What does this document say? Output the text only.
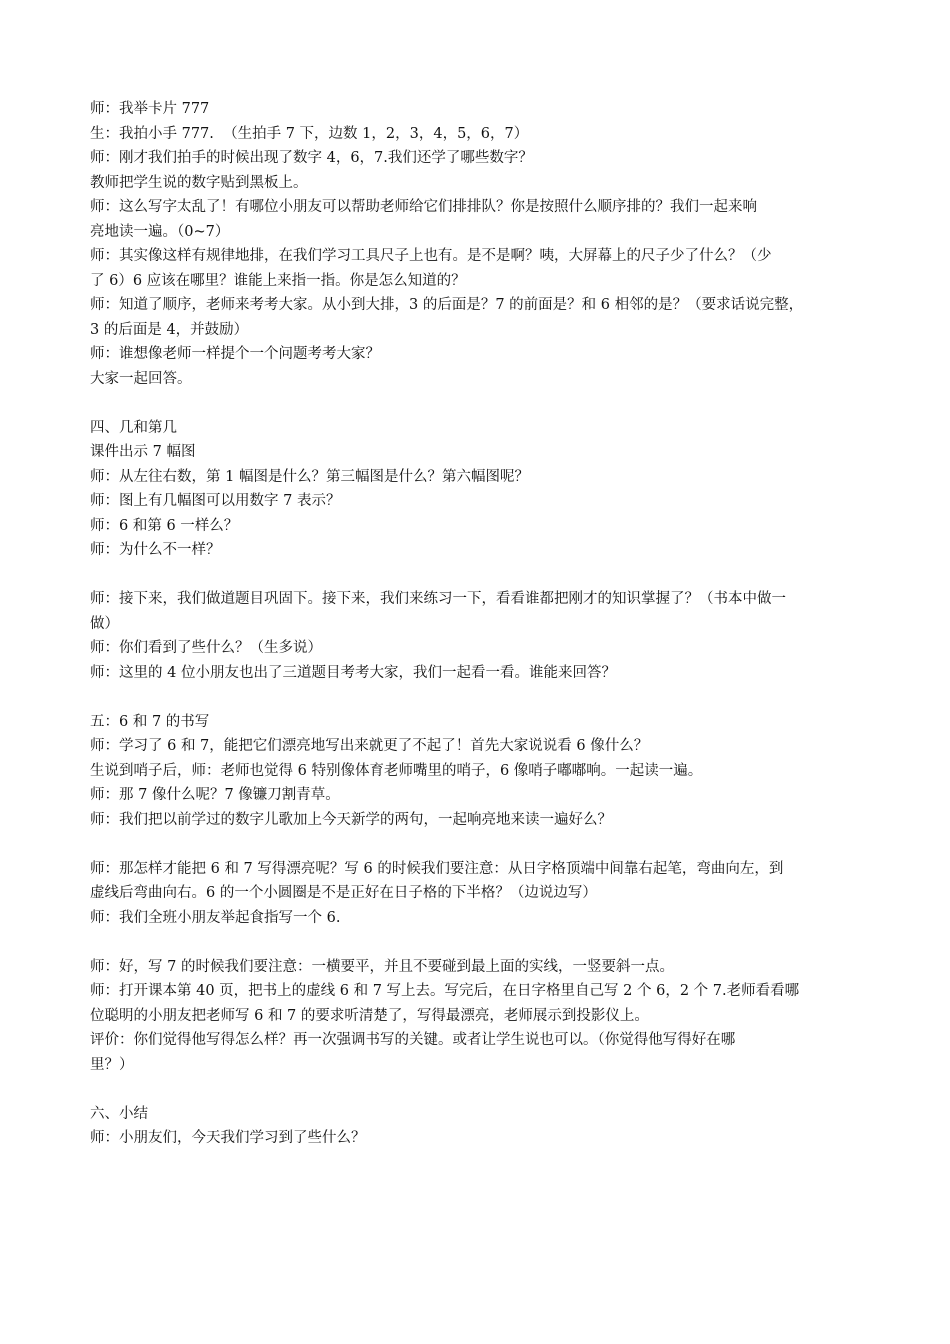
师：我举卡片 777
生：我拍小手 777.  （生拍手 7 下，边数 1，2，3，4，5，6，7）
师：刚才我们拍手的时候出现了数字 4，6，7.我们还学了哪些数字？
教师把学生说的数字贴到黑板上。
师：这么写字太乱了！有哪位小朋友可以帮助老师给它们排排队？你是按照什么顺序排的？我们一起来响
亮地读一遍。（0~7）
师：其实像这样有规律地排，在我们学习工具尺子上也有。是不是啊？咦，大屏幕上的尺子少了什么？（少
了 6）6 应该在哪里？谁能上来指一指。你是怎么知道的？
师：知道了顺序，老师来考考大家。从小到大排，3 的后面是？7 的前面是？和 6 相邻的是？（要求话说完整，
3 的后面是 4，并鼓励）
师：谁想像老师一样提个一个问题考考大家？
大家一起回答。
四、几和第几
课件出示 7 幅图
师：从左往右数，第 1 幅图是什么？第三幅图是什么？第六幅图呢？
师：图上有几幅图可以用数字 7 表示？
师：6 和第 6 一样么？
师：为什么不一样？
师：接下来，我们做道题目巩固下。接下来，我们来练习一下，看看谁都把刚才的知识掌握了？（书本中做一
做）
师：你们看到了些什么？（生多说）
师：这里的 4 位小朋友也出了三道题目考考大家，我们一起看一看。谁能来回答？
五：6 和 7 的书写
师：学习了 6 和 7，能把它们漂亮地写出来就更了不起了！首先大家说说看 6 像什么？
生说到哨子后，师：老师也觉得 6 特别像体育老师嘴里的哨子，6 像哨子嘟嘟响。一起读一遍。
师：那 7 像什么呢？7 像镰刀割青草。
师：我们把以前学过的数字儿歌加上今天新学的两句，一起响亮地来读一遍好么？
师：那怎样才能把 6 和 7 写得漂亮呢？写 6 的时候我们要注意：从日字格顶端中间靠右起笔，弯曲向左，到
虚线后弯曲向右。6 的一个小圆圈是不是正好在日子格的下半格？（边说边写）
师：我们全班小朋友举起食指写一个 6.
师：好，写 7 的时候我们要注意：一横要平，并且不要碰到最上面的实线，一竖要斜一点。
师：打开课本第 40 页，把书上的虚线 6 和 7 写上去。写完后，在日字格里自己写 2 个 6，2 个 7.老师看看哪
位聪明的小朋友把老师写 6 和 7 的要求听清楚了，写得最漂亮，老师展示到投影仪上。
评价：你们觉得他写得怎么样？再一次强调书写的关键。或者让学生说也可以。（你觉得他写得好在哪
里？）
六、小结
师：小朋友们，今天我们学习到了些什么？
